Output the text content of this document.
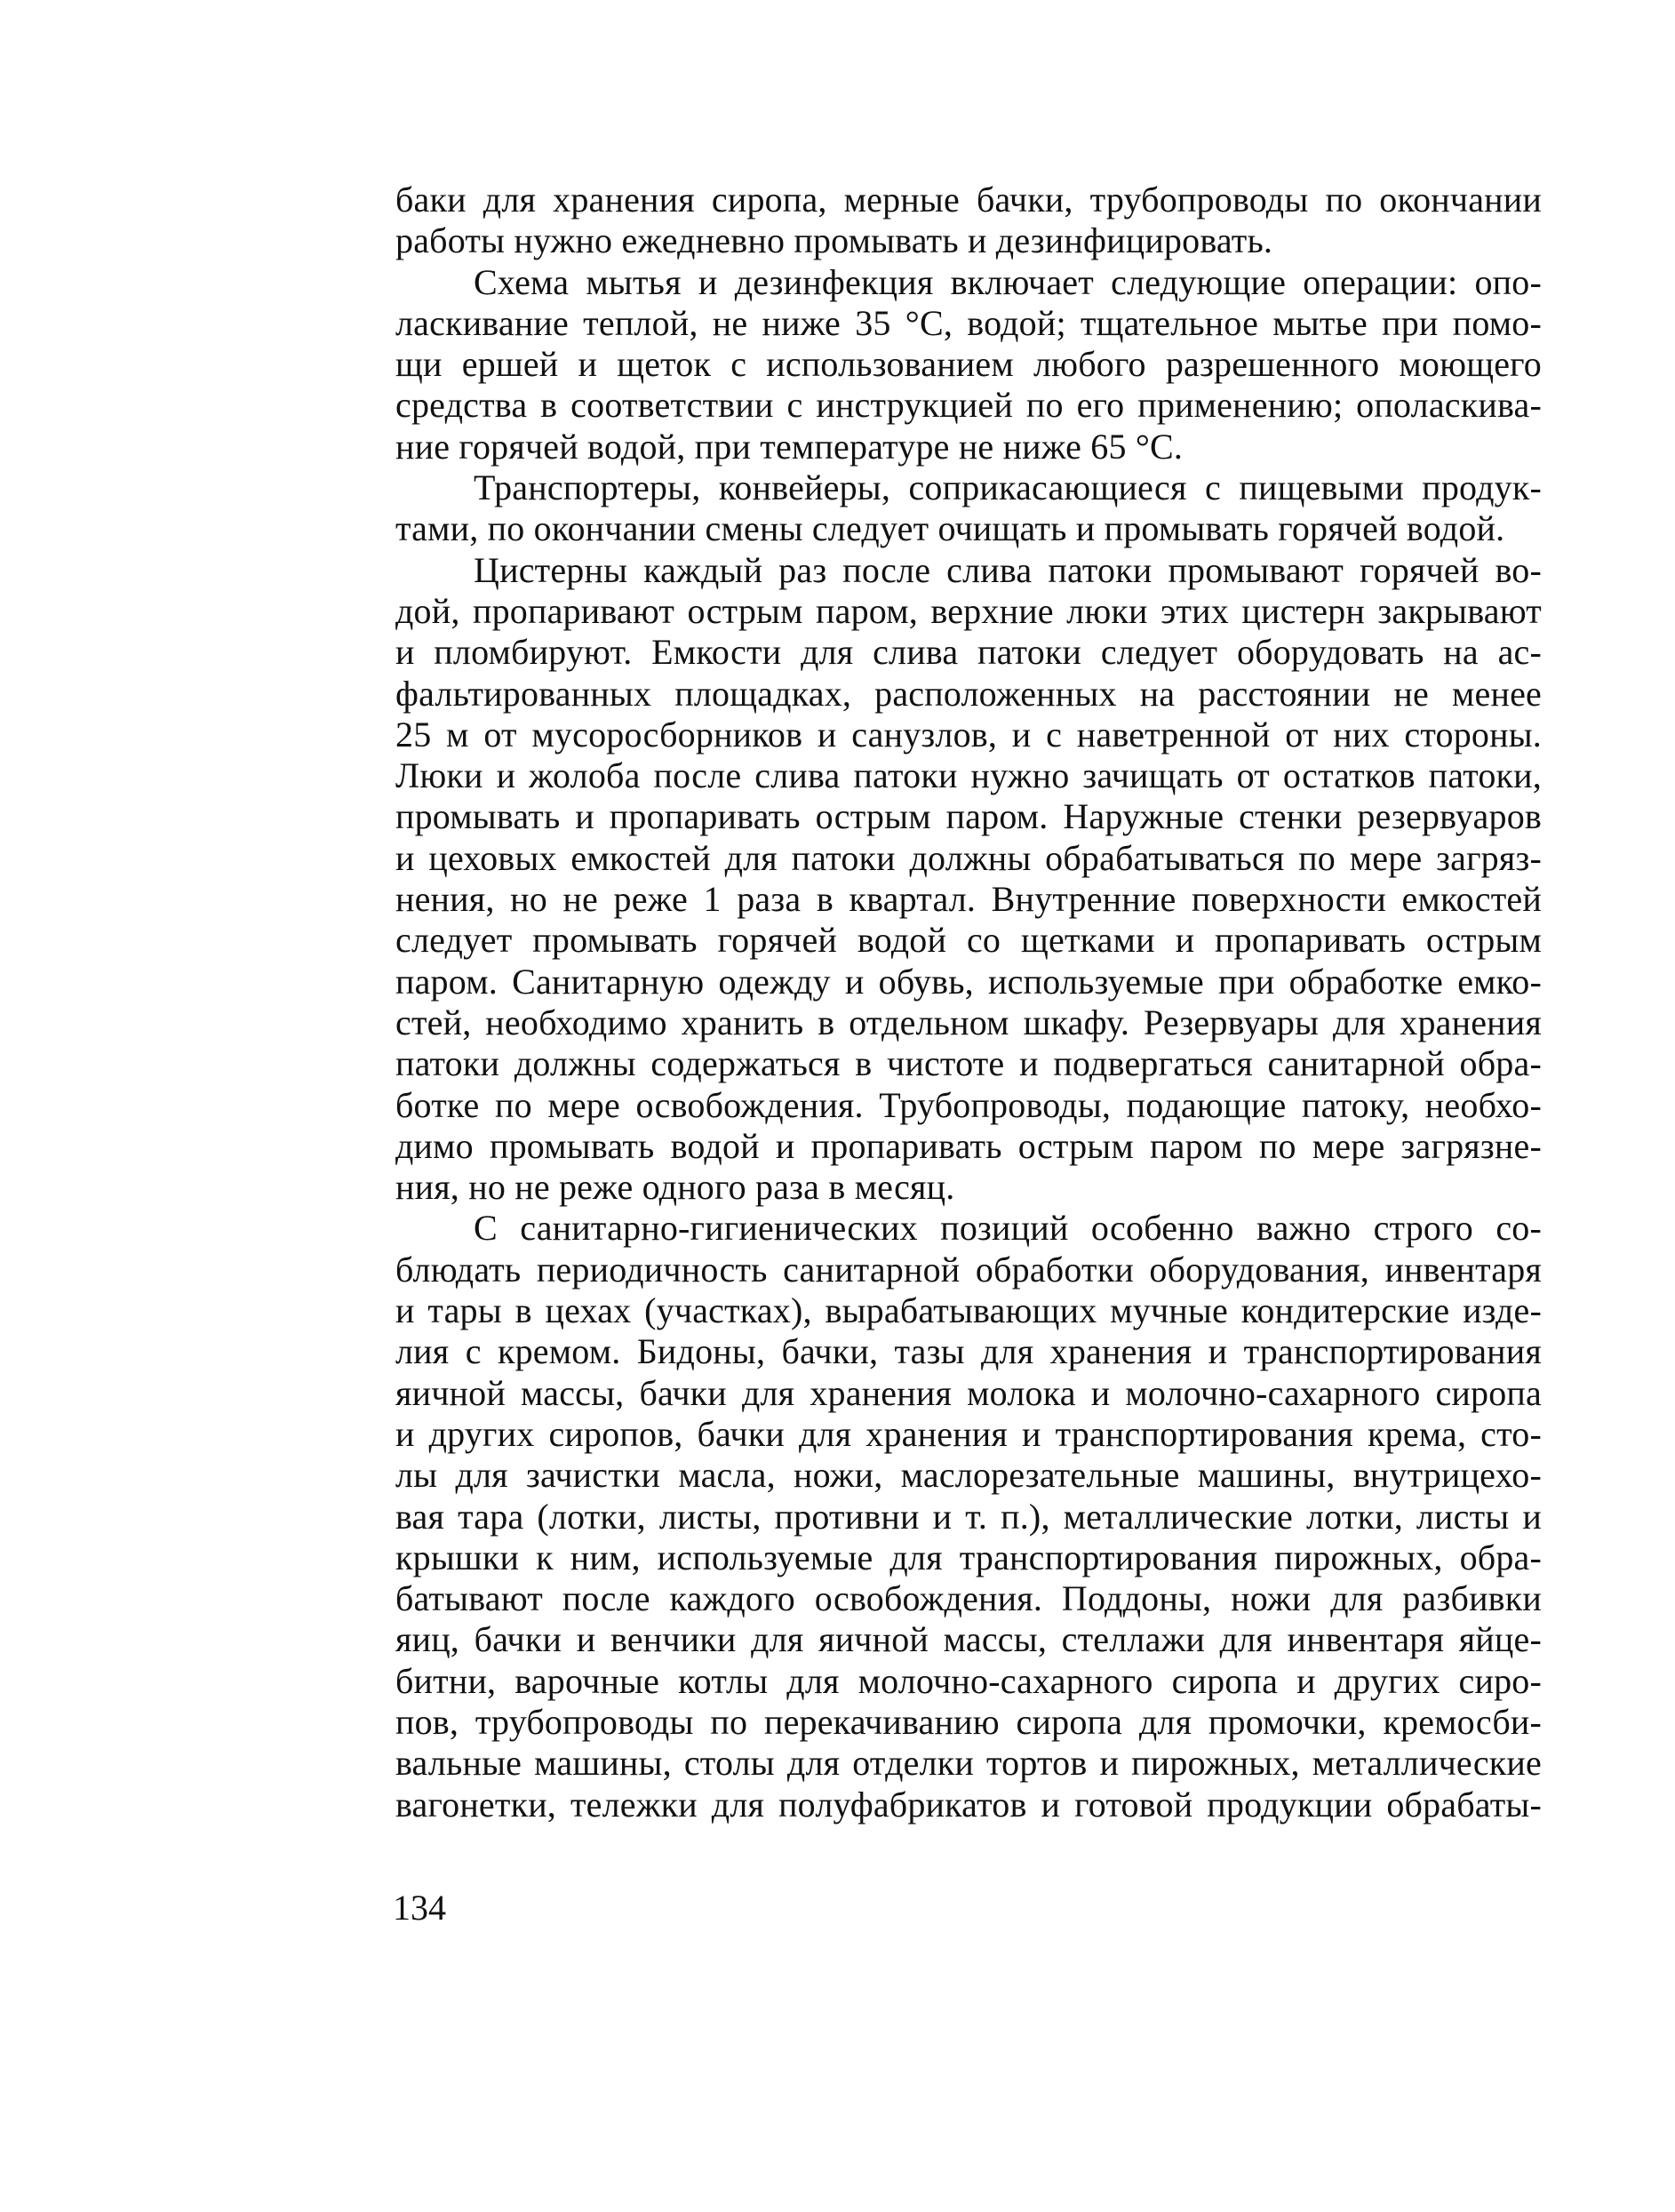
баки для хранения сиропа, мерные бачки, трубопроводы по окончании
работы нужно ежедневно промывать и дезинфицировать.
Схема мытья и дезинфекция включает следующие операции: опо-
ласкивание теплой, не ниже 35 °С, водой; тщательное мытье при помо-
щи ершей и щеток с использованием любого разрешенного моющего
средства в соответствии с инструкцией по его применению; ополаскива-
ние горячей водой, при температуре не ниже 65 °С.
Транспортеры, конвейеры, соприкасающиеся с пищевыми продук-
тами, по окончании смены следует очищать и промывать горячей водой.
Цистерны каждый раз после слива патоки промывают горячей во-
дой, пропаривают острым паром, верхние люки этих цистерн закрывают
и пломбируют. Емкости для слива патоки следует оборудовать на ас-
фальтированных площадках, расположенных на расстоянии не менее
25 м от мусоросборников и санузлов, и с наветренной от них стороны.
Люки и жолоба после слива патоки нужно зачищать от остатков патоки,
промывать и пропаривать острым паром. Наружные стенки резервуаров
и цеховых емкостей для патоки должны обрабатываться по мере загряз-
нения, но не реже 1 раза в квартал. Внутренние поверхности емкостей
следует промывать горячей водой со щетками и пропаривать острым
паром. Санитарную одежду и обувь, используемые при обработке емко-
стей, необходимо хранить в отдельном шкафу. Резервуары для хранения
патоки должны содержаться в чистоте и подвергаться санитарной обра-
ботке по мере освобождения. Трубопроводы, подающие патоку, необхо-
димо промывать водой и пропаривать острым паром по мере загрязне-
ния, но не реже одного раза в месяц.
С санитарно-гигиенических позиций особенно важно строго со-
блюдать периодичность санитарной обработки оборудования, инвентаря
и тары в цехах (участках), вырабатывающих мучные кондитерские изде-
лия с кремом. Бидоны, бачки, тазы для хранения и транспортирования
яичной массы, бачки для хранения молока и молочно-сахарного сиропа
и других сиропов, бачки для хранения и транспортирования крема, сто-
лы для зачистки масла, ножи, маслорезательные машины, внутрицехо-
вая тара (лотки, листы, противни и т. п.), металлические лотки, листы и
крышки к ним, используемые для транспортирования пирожных, обра-
батывают после каждого освобождения. Поддоны, ножи для разбивки
яиц, бачки и венчики для яичной массы, стеллажи для инвентаря яйце-
битни, варочные котлы для молочно-сахарного сиропа и других сиро-
пов, трубопроводы по перекачиванию сиропа для промочки, кремосби-
вальные машины, столы для отделки тортов и пирожных, металлические
вагонетки, тележки для полуфабрикатов и готовой продукции обрабаты-
134
